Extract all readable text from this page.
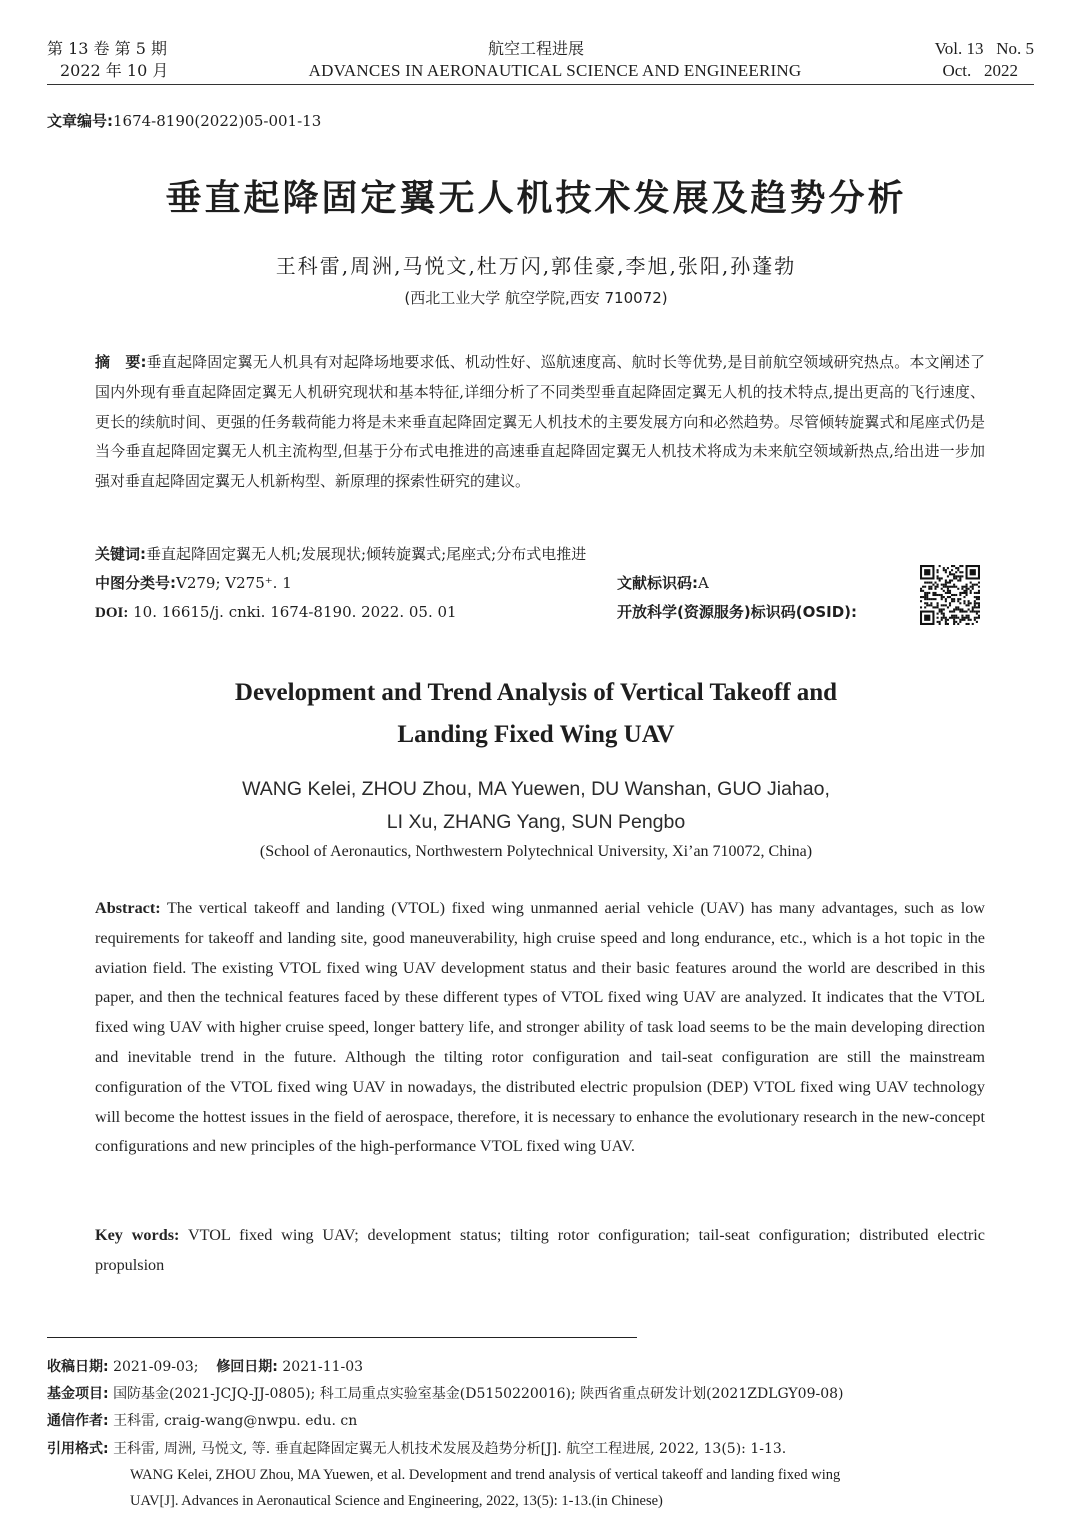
第 13 卷 第 5 期
2022 年 10 月
航空工程进展
ADVANCES IN AERONAUTICAL SCIENCE AND ENGINEERING
Vol. 13   No. 5
Oct.   2022
文章编号:1674-8190(2022)05-001-13
垂直起降固定翼无人机技术发展及趋势分析
王科雷,周洲,马悦文,杜万闪,郭佳豪,李旭,张阳,孙蓬勃
(西北工业大学 航空学院,西安 710072)
摘　要:垂直起降固定翼无人机具有对起降场地要求低、机动性好、巡航速度高、航时长等优势,是目前航空领域研究热点。本文阐述了国内外现有垂直起降固定翼无人机研究现状和基本特征,详细分析了不同类型垂直起降固定翼无人机的技术特点,提出更高的飞行速度、更长的续航时间、更强的任务载荷能力将是未来垂直起降固定翼无人机技术的主要发展方向和必然趋势。尽管倾转旋翼式和尾座式仍是当今垂直起降固定翼无人机主流构型,但基于分布式电推进的高速垂直起降固定翼无人机技术将成为未来航空领域新热点,给出进一步加强对垂直起降固定翼无人机新构型、新原理的探索性研究的建议。
关键词:垂直起降固定翼无人机;发展现状;倾转旋翼式;尾座式;分布式电推进
中图分类号:V279; V275⁺. 1	文献标识码:A
DOI: 10. 16615/j. cnki. 1674-8190. 2022. 05. 01	开放科学(资源服务)标识码(OSID):
Development and Trend Analysis of Vertical Takeoff and
Landing Fixed Wing UAV
WANG Kelei, ZHOU Zhou, MA Yuewen, DU Wanshan, GUO Jiahao,
LI Xu, ZHANG Yang, SUN Pengbo
(School of Aeronautics, Northwestern Polytechnical University, Xi’an 710072, China)
Abstract: The vertical takeoff and landing (VTOL) fixed wing unmanned aerial vehicle (UAV) has many advantages, such as low requirements for takeoff and landing site, good maneuverability, high cruise speed and long endurance, etc., which is a hot topic in the aviation field. The existing VTOL fixed wing UAV development status and their basic features around the world are described in this paper, and then the technical features faced by these different types of VTOL fixed wing UAV are analyzed. It indicates that the VTOL fixed wing UAV with higher cruise speed, longer battery life, and stronger ability of task load seems to be the main developing direction and inevitable trend in the future. Although the tilting rotor configuration and tail-seat configuration are still the mainstream configuration of the VTOL fixed wing UAV in nowadays, the distributed electric propulsion (DEP) VTOL fixed wing UAV technology will become the hottest issues in the field of aerospace, therefore, it is necessary to enhance the evolutionary research in the new-concept configurations and new principles of the high-performance VTOL fixed wing UAV.
Key words: VTOL fixed wing UAV; development status; tilting rotor configuration; tail-seat configuration; distributed electric propulsion
收稿日期: 2021-09-03; 修回日期: 2021-11-03
基金项目: 国防基金(2021-JCJQ-JJ-0805); 科工局重点实验室基金(D5150220016); 陕西省重点研发计划(2021ZDLGY09-08)
通信作者: 王科雷, craig-wang@nwpu. edu. cn
引用格式: 王科雷, 周洲, 马悦文, 等. 垂直起降固定翼无人机技术发展及趋势分析[J]. 航空工程进展, 2022, 13(5): 1-13.
WANG Kelei, ZHOU Zhou, MA Yuewen, et al. Development and trend analysis of vertical takeoff and landing fixed wing
UAV[J]. Advances in Aeronautical Science and Engineering, 2022, 13(5): 1-13.(in Chinese)
